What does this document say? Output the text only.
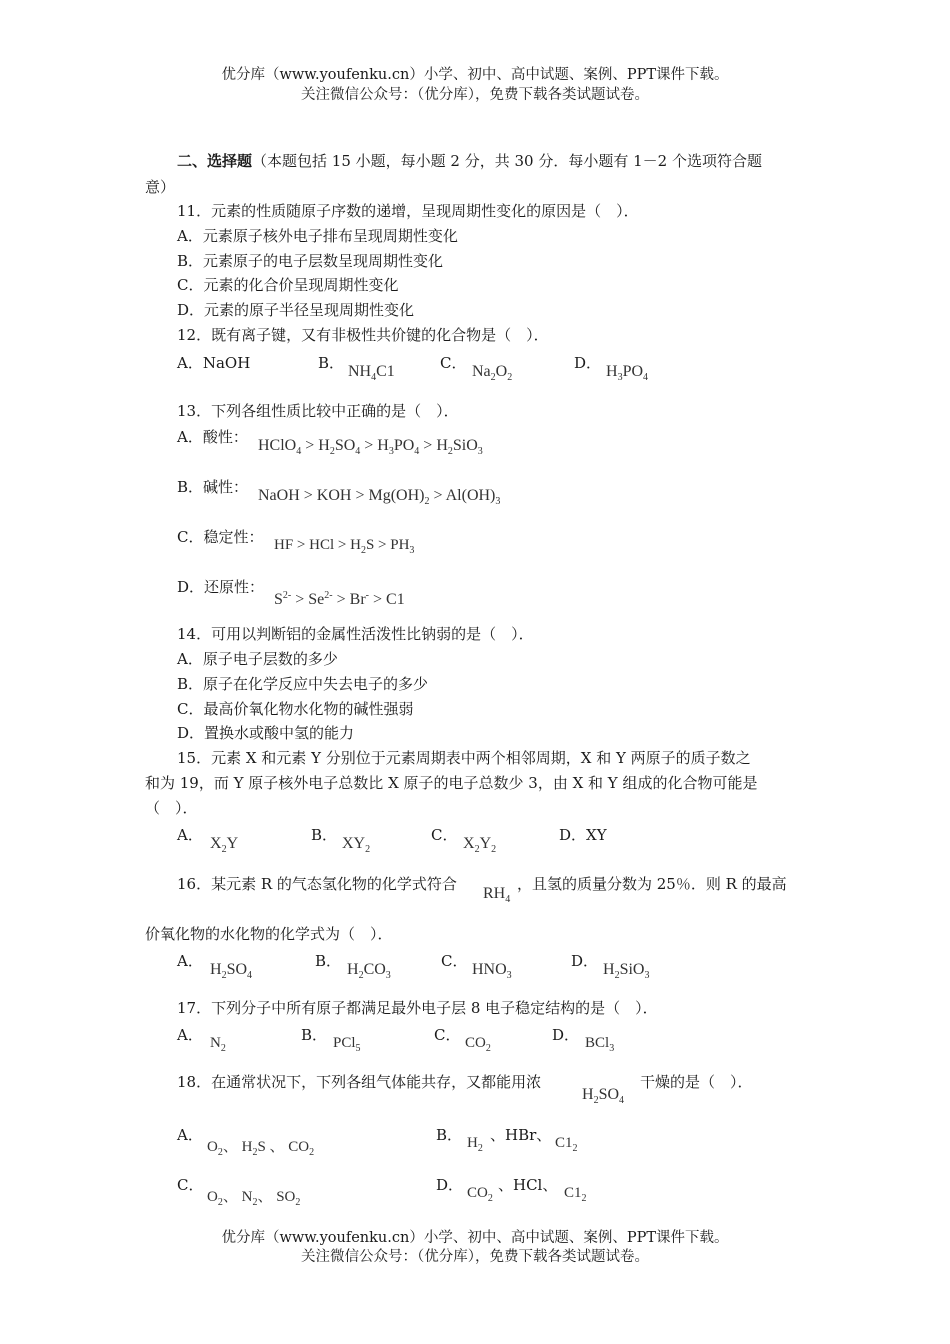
优分库（www.youfenku.cn）小学、初中、高中试题、案例、PPT课件下载。
关注微信公众号：（优分库），免费下载各类试题试卷。
二、选择题（本题包括 15 小题，每小题 2 分，共 30 分．每小题有 1－2 个选项符合题
意）
11．元素的性质随原子序数的递增，呈现周期性变化的原因是（　）．
A．元素原子核外电子排布呈现周期性变化
B．元素原子的电子层数呈现周期性变化
C．元素的化合价呈现周期性变化
D．元素的原子半径呈现周期性变化
12．既有离子键，又有非极性共价键的化合物是（　）．
A．NaOH	B． $NH_4C1$	C． $Na_2O_2$
D． $H_3PO_4$
13．下列各组性质比较中正确的是（　）．
A．酸性： HClO$_4$ > $H_2SO_4 > H_3PO_4 > H_2SiO_3$
B．碱性： NaOH > KOH > $Mg(OH)_2 > Al(OH)_3$
C．稳定性： HF > HCl > $H_2S > PH_3$
D．还原性：
$S^{2-} > Se^{2-} > Br^- > C1$
14．可用以判断铝的金属性活泼性比钠弱的是（　）．
A．原子电子层数的多少
B．原子在化学反应中失去电子的多少
C．最高价氧化物水化物的碱性强弱
D．置换水或酸中氢的能力
15．元素 X 和元素 Y 分别位于元素周期表中两个相邻周期，X 和 Y 两原子的质子数之
和为 19，而 Y 原子核外电子总数比 X 原子的电子总数少 3，由 X 和 Y 组成的化合物可能是
（　）．
A． $X_2Y$	B． $XY_2$
C． $X_2Y_2$
D．XY
16．某元素 R 的气态氢化物的化学式符合
$RH_4$
，且氢的质量分数为 25％．则 R 的最高
价氧化物的水化物的化学式为（　）．
A． $H_2SO_4$
B． $H_2CO_3$
C． $HNO_3$
D． $H_2SiO_3$
17．下列分子中所有原子都满足最外电子层 8 电子稳定结构的是（　）．
A． $N_2$
B． PCl$_5$
C． $CO_2$
D． BCl$_3$
18．在通常状况下，下列各组气体能共存，又都能用浓
$H_2SO_4$
干燥的是（　）．
A．
$O_2$、 $H_2S$ 、 $CO_2$
B． $H_2$
、HBr、 $C1_2$
C．
$O_2$、 $N_2$、 $SO_2$
D． $CO_2$
、HCl、 $C1_2$
优分库（www.youfenku.cn）小学、初中、高中试题、案例、PPT课件下载。
关注微信公众号：（优分库），免费下载各类试题试卷。
